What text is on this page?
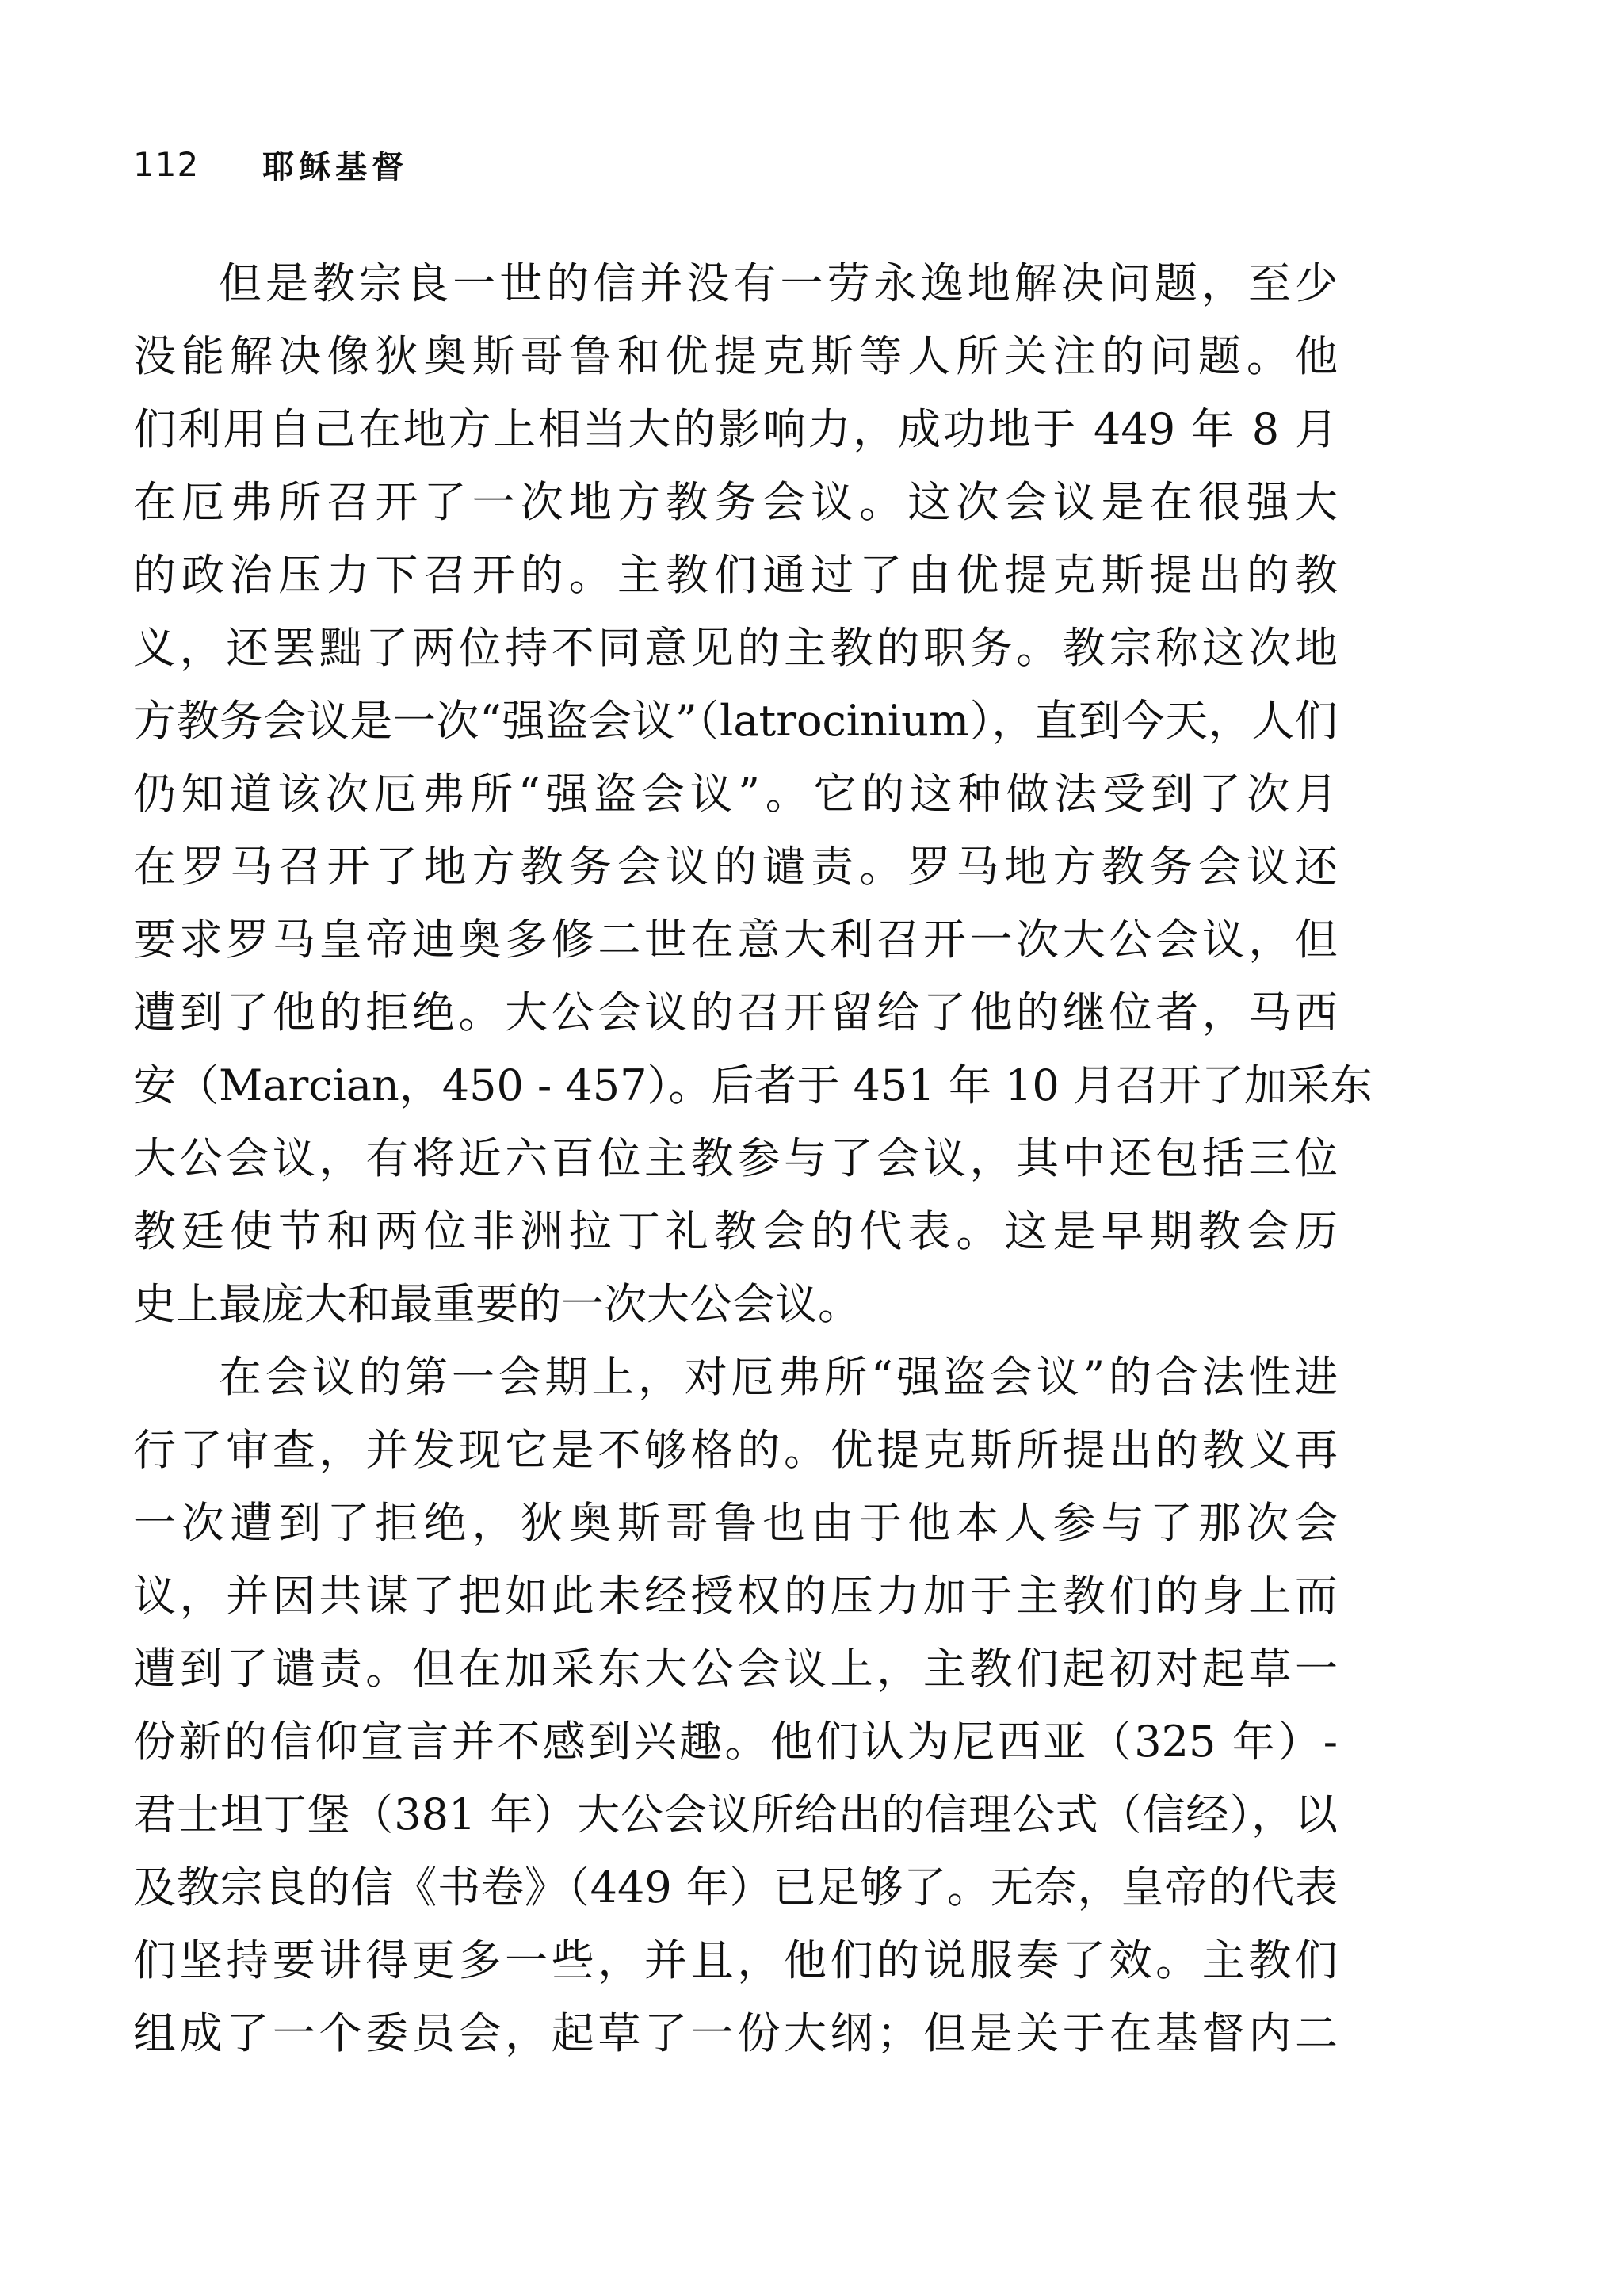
112 耶稣基督
但是教宗良一世的信并没有一劳永逸地解决问题，至少
没能解决像狄奥斯哥鲁和优提克斯等人所关注的问题。他
们利用自己在地方上相当大的影响力，成功地于 449 年 8 月
在厄弗所召开了一次地方教务会议。这次会议是在很强大
的政治压力下召开的。主教们通过了由优提克斯提出的教
义，还罢黜了两位持不同意见的主教的职务。教宗称这次地
方教务会议是一次“强盗会议”（latrocinium），直到今天，人们
仍知道该次厄弗所“强盗会议”。它的这种做法受到了次月
在罗马召开了地方教务会议的谴责。罗马地方教务会议还
要求罗马皇帝迪奥多修二世在意大利召开一次大公会议，但
遭到了他的拒绝。大公会议的召开留给了他的继位者，马西
安（Marcian，450 - 457）。后者于 451 年 10 月召开了加采东
大公会议，有将近六百位主教参与了会议，其中还包括三位
教廷使节和两位非洲拉丁礼教会的代表。这是早期教会历
史上最庞大和最重要的一次大公会议。
在会议的第一会期上，对厄弗所“强盗会议”的合法性进
行了审查，并发现它是不够格的。优提克斯所提出的教义再
一次遭到了拒绝，狄奥斯哥鲁也由于他本人参与了那次会
议，并因共谋了把如此未经授权的压力加于主教们的身上而
遭到了谴责。但在加采东大公会议上，主教们起初对起草一
份新的信仰宣言并不感到兴趣。他们认为尼西亚（325 年）-
君士坦丁堡（381 年）大公会议所给出的信理公式（信经），以
及教宗良的信《书卷》（449 年）已足够了。无奈，皇帝的代表
们坚持要讲得更多一些，并且，他们的说服奏了效。主教们
组成了一个委员会，起草了一份大纲；但是关于在基督内二
